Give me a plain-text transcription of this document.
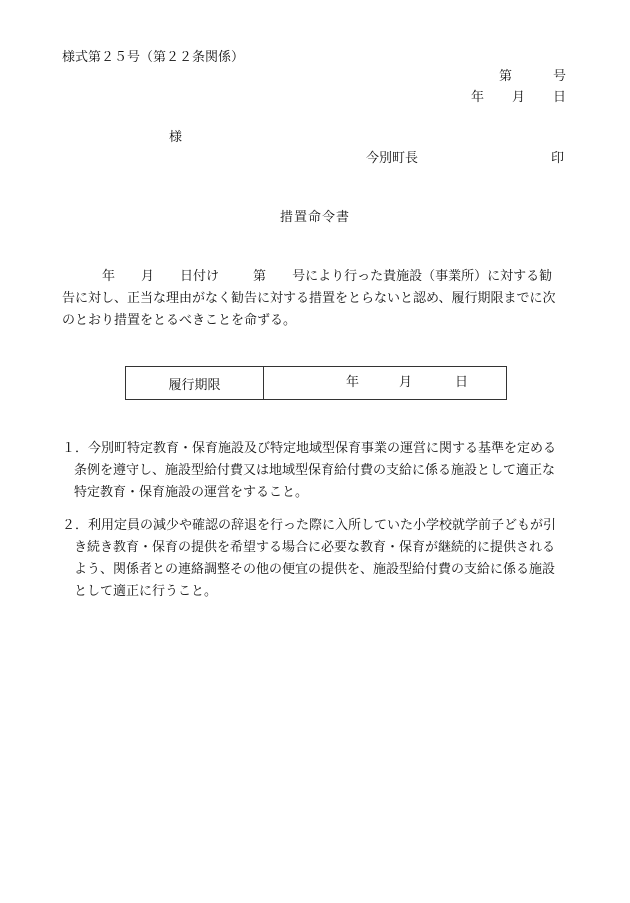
様式第２５号（第２２条関係）
第	号
年 月 日
様
今別町長	印
措置命令書
年 月 日付け	第 号により行った貴施設（事業所）に対する勧
告に対し、正当な理由がなく勧告に対する措置をとらないと認め、履行期限までに次
のとおり措置をとるべきことを命ずる。
履行期限	年	月	日
１．今別町特定教育・保育施設及び特定地域型保育事業の運営に関する基準を定める
条例を遵守し、施設型給付費又は地域型保育給付費の支給に係る施設として適正な
特定教育・保育施設の運営をすること。
２．利用定員の減少や確認の辞退を行った際に入所していた小学校就学前子どもが引
き続き教育・保育の提供を希望する場合に必要な教育・保育が継続的に提供される
よう、関係者との連絡調整その他の便宜の提供を、施設型給付費の支給に係る施設
として適正に行うこと。
